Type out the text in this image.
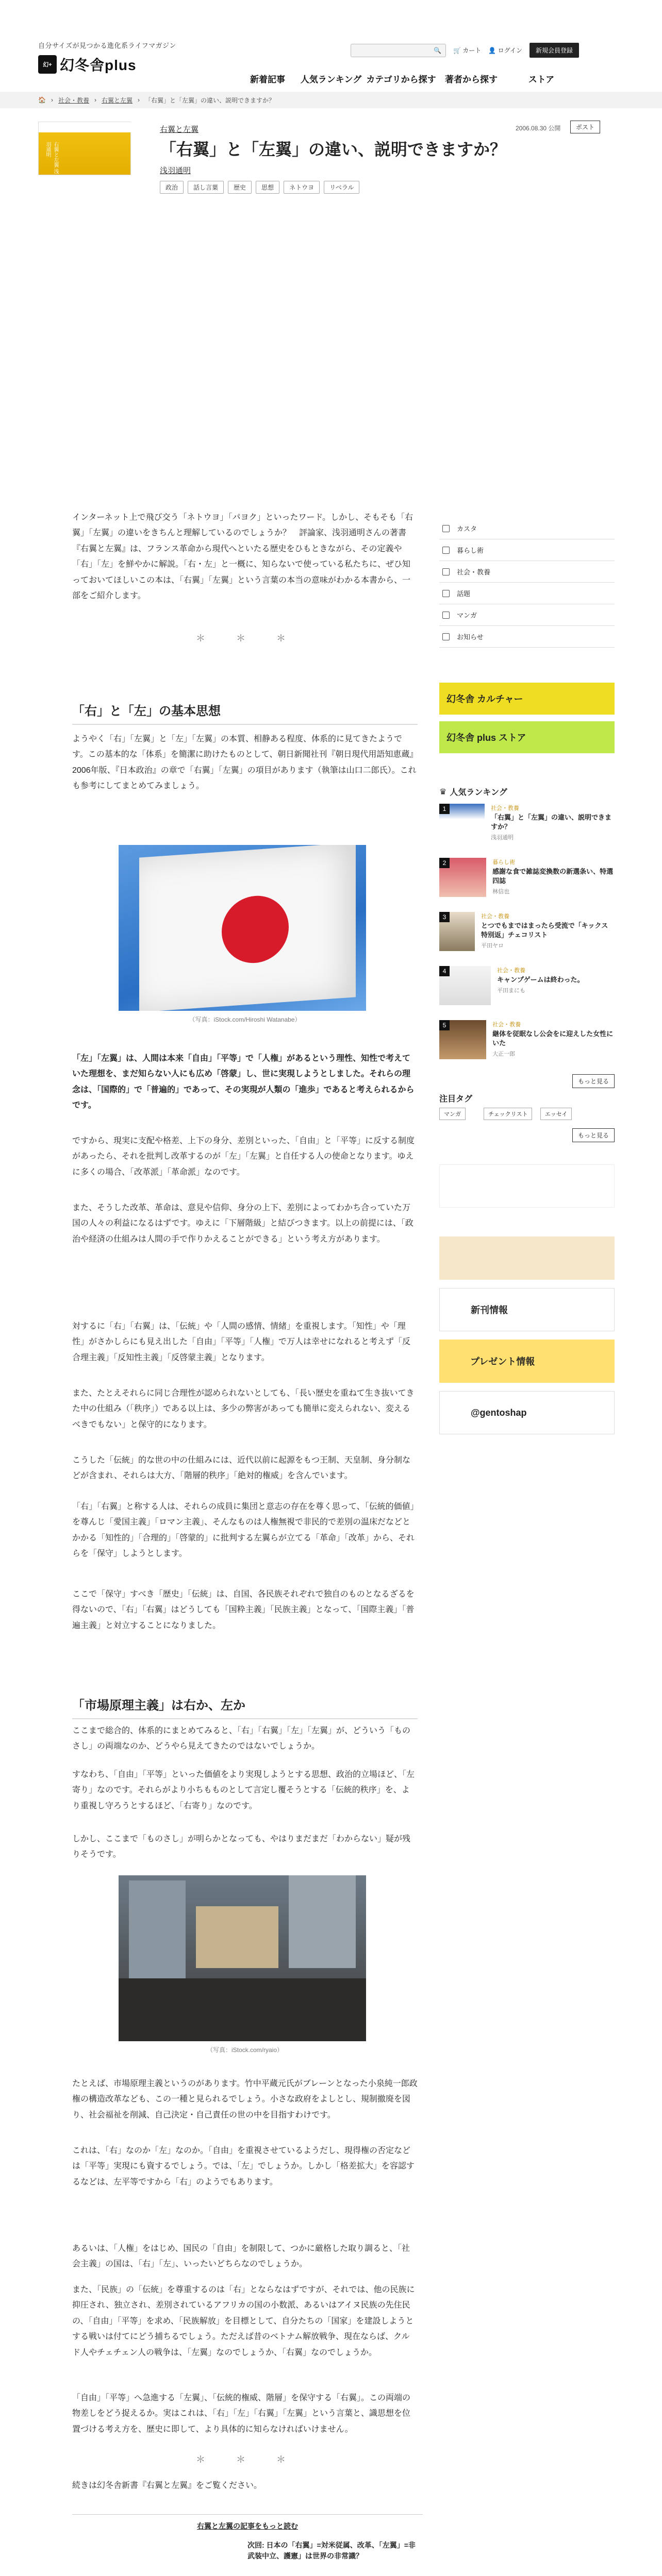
自分サイズが見つかる進化系ライフマガジン
幻+ 幻冬舎plus
🔍 🛒 カート 👤 ログイン	新規会員登録
新着記事	人気ランキング カテゴリから探す	著者から探す	ストア
🏠 › 社会・教養 › 右翼と左翼 › 「右翼」と「左翼」の違い、説明できますか？
右翼と左翼 浅羽通明
右翼と左翼
「右翼」と「左翼」の違い、説明できますか？
浅羽通明
政治	話し言葉	歴史	思想	ネトウヨ	リベラル
2006.08.30 公開	ポスト
インターネット上で飛び交う「ネトウヨ」「パヨク」といったワード。しかし、そもそも「右翼」「左翼」の違いをきちんと理解しているのでしょうか？　評論家、浅羽通明さんの著書『右翼と左翼』は、フランス革命から現代へといたる歴史をひもときながら、その定義や「右」「左」を鮮やかに解説。「右・左」と一概に、知らないで使っている私たちに、ぜひ知っておいてほしいこの本は、「右翼」「左翼」という言葉の本当の意味がわかる本書から、一部をご紹介します。
＊＊＊
「右」と「左」の基本思想
ようやく「右」「左翼」と「左」「左翼」の本質、相静ある程度、体系的に見てきたようです。この基本的な「体系」を簡潔に助けたものとして、朝日新聞社刊『朝日現代用語知恵蔵』2006年版、『日本政治』の章で「右翼」「左翼」の項目があります（執筆は山口二郎氏）。これも参考にしてまとめてみましょう。
（写真：iStock.com/Hiroshi Watanabe）
「左」「左翼」は、人間は本来「自由」「平等」で「人権」があるという理性、知性で考えていた理想を、まだ知らない人にも広め「啓蒙」し、世に実現しようとしました。それらの理念は、「国際的」で「普遍的」であって、その実現が人類の「進歩」であると考えられるからです。
ですから、現実に支配や格差、上下の身分、差別といった、「自由」と「平等」に反する制度があったら、それを批判し改革するのが「左」「左翼」と自任する人の使命となります。ゆえに多くの場合、「改革派」「革命派」なのです。
また、そうした改革、革命は、意見や信仰、身分の上下、差別によってわかち合っていた万国の人々の利益になるはずです。ゆえに「下層階級」と結びつきます。以上の前提には、「政治や経済の仕組みは人間の手で作りかえることができる」という考え方があります。
対するに「右」「右翼」は、「伝統」や「人間の感情、情緒」を重視します。「知性」や「理性」がさかしらにも見え出した「自由」「平等」「人権」で万人は幸せになれると考えず「反合理主義」「反知性主義」「反啓蒙主義」となります。
また、たとえそれらに同じ合理性が認められないとしても、「長い歴史を重ねて生き抜いてきた中の仕組み（「秩序」）である以上は、多少の弊害があっても簡単に変えられない、変えるべきでもない」と保守的になります。
こうした「伝統」的な世の中の仕組みには、近代以前に起源をもつ王制、天皇制、身分制などが含まれ、それらは大方、「階層的秩序」「絶対的権威」を含んでいます。
「右」「右翼」と称する人は、それらの成員に集団と意志の存在を尊く思って、「伝統的価値」を尊んじ「愛国主義」「ロマン主義」、そんなものは人権無視で非民的で差別の温床だなどとかかる「知性的」「合理的」「啓蒙的」に批判する左翼らが立てる「革命」「改革」から、それらを「保守」しようとします。
ここで「保守」すべき「歴史」「伝統」は、自国、各民族それぞれで独自のものとなるざるを得ないので、「右」「右翼」はどうしても「国粋主義」「民族主義」となって、「国際主義」「普遍主義」と対立することになりました。
「市場原理主義」は右か、左か
ここまで総合的、体系的にまとめてみると、「右」「右翼」「左」「左翼」が、どういう「ものさし」の両端なのか、どうやら見えてきたのではないでしょうか。
すなわち、「自由」「平等」といった価値をより実現しようとする思想、政治的立場ほど、「左寄り」なのです。それらがより小ちもものとして言定し覆そうとする「伝統的秩序」を、より重視し守ろうとするほど、「右寄り」なのです。
しかし、ここまで「ものさし」が明らかとなっても、やはりまだまだ「わからない」疑が残りそうです。
（写真：iStock.com/ryaio）
たとえば、市場原理主義というのがあります。竹中平蔵元氏がブレーンとなった小泉純一郎政権の構造改革なども、この一種と見られるでしょう。小さな政府をよしとし、規制撤廃を図り、社会福祉を削減、自己決定・自己責任の世の中を目指すわけです。
これは、「右」なのか「左」なのか。「自由」を重視させているようだし、現得権の否定などは「平等」実現にも資するでしょう。では、「左」でしょうか。しかし「格差拡大」を容認するなどは、左平等ですから「右」のようでもあります。
カスタ
暮らし術
社会・教養
話題
マンガ
お知らせ
幻冬舎 カルチャー
幻冬舎 plus ストア
♛ 人気ランキング
1	社会・教養
「右翼」と「左翼」の違い、説明できますか？
浅羽通明
2	暮らし術
感謝な食で雑誌変換数の新選条い、特選四誌
林信也
3	社会・教養
とつでもまではまったら受流で「キックス特別返」チェコリスト
平田ヤロ
4	社会・教養
キャンプゲームは終わった。
平田まにも
5	社会・教養
継体を従眠なし公会をに迎えした女性にいた
大正一郎
もっと見る
注目タグ
マンガ	チェックリスト	エッセイ
もっと見る
新刊情報
プレゼント情報
@gentoshap
あるいは、「人権」をはじめ、国民の「自由」を制限して、つかに厳格した取り調ると、「社会主義」の国は、「右」「左」、いったいどちらなのでしょうか。
また、「民族」の「伝統」を尊重するのは「右」とならなはずですが、それでは、他の民族に抑圧され、独立され、差別されているアフリカの国の小数派、あるいはアイヌ民族の先住民の、「自由」「平等」を求め、「民族解放」を目標として、自分たちの「国家」を建設しようとする戦いは付てにどう捕ちるでしょう。ただえば昔のベトナム解放戦争、現在ならば、クルド人やチェチェン人の戦争は、「左翼」なのでしょうか、「右翼」なのでしょうか。
「自由」「平等」へ急進する「左翼」、「伝統的権威、階層」を保守する「右翼」。この両端の物差しをどう捉えるか。実はこれは、「右」「左」「右翼」「左翼」という言葉と、識思想を位置づける考え方を、歴史に即して、より具体的に知らなければいけません。
＊＊＊
続きは幻冬舎新書『右翼と左翼』をご覧ください。
右翼と左翼の記事をもっと読む
次回: 日本の「右翼」=対米従属、改革、「左翼」=非武装中立、護憲」は世界の非常識？
